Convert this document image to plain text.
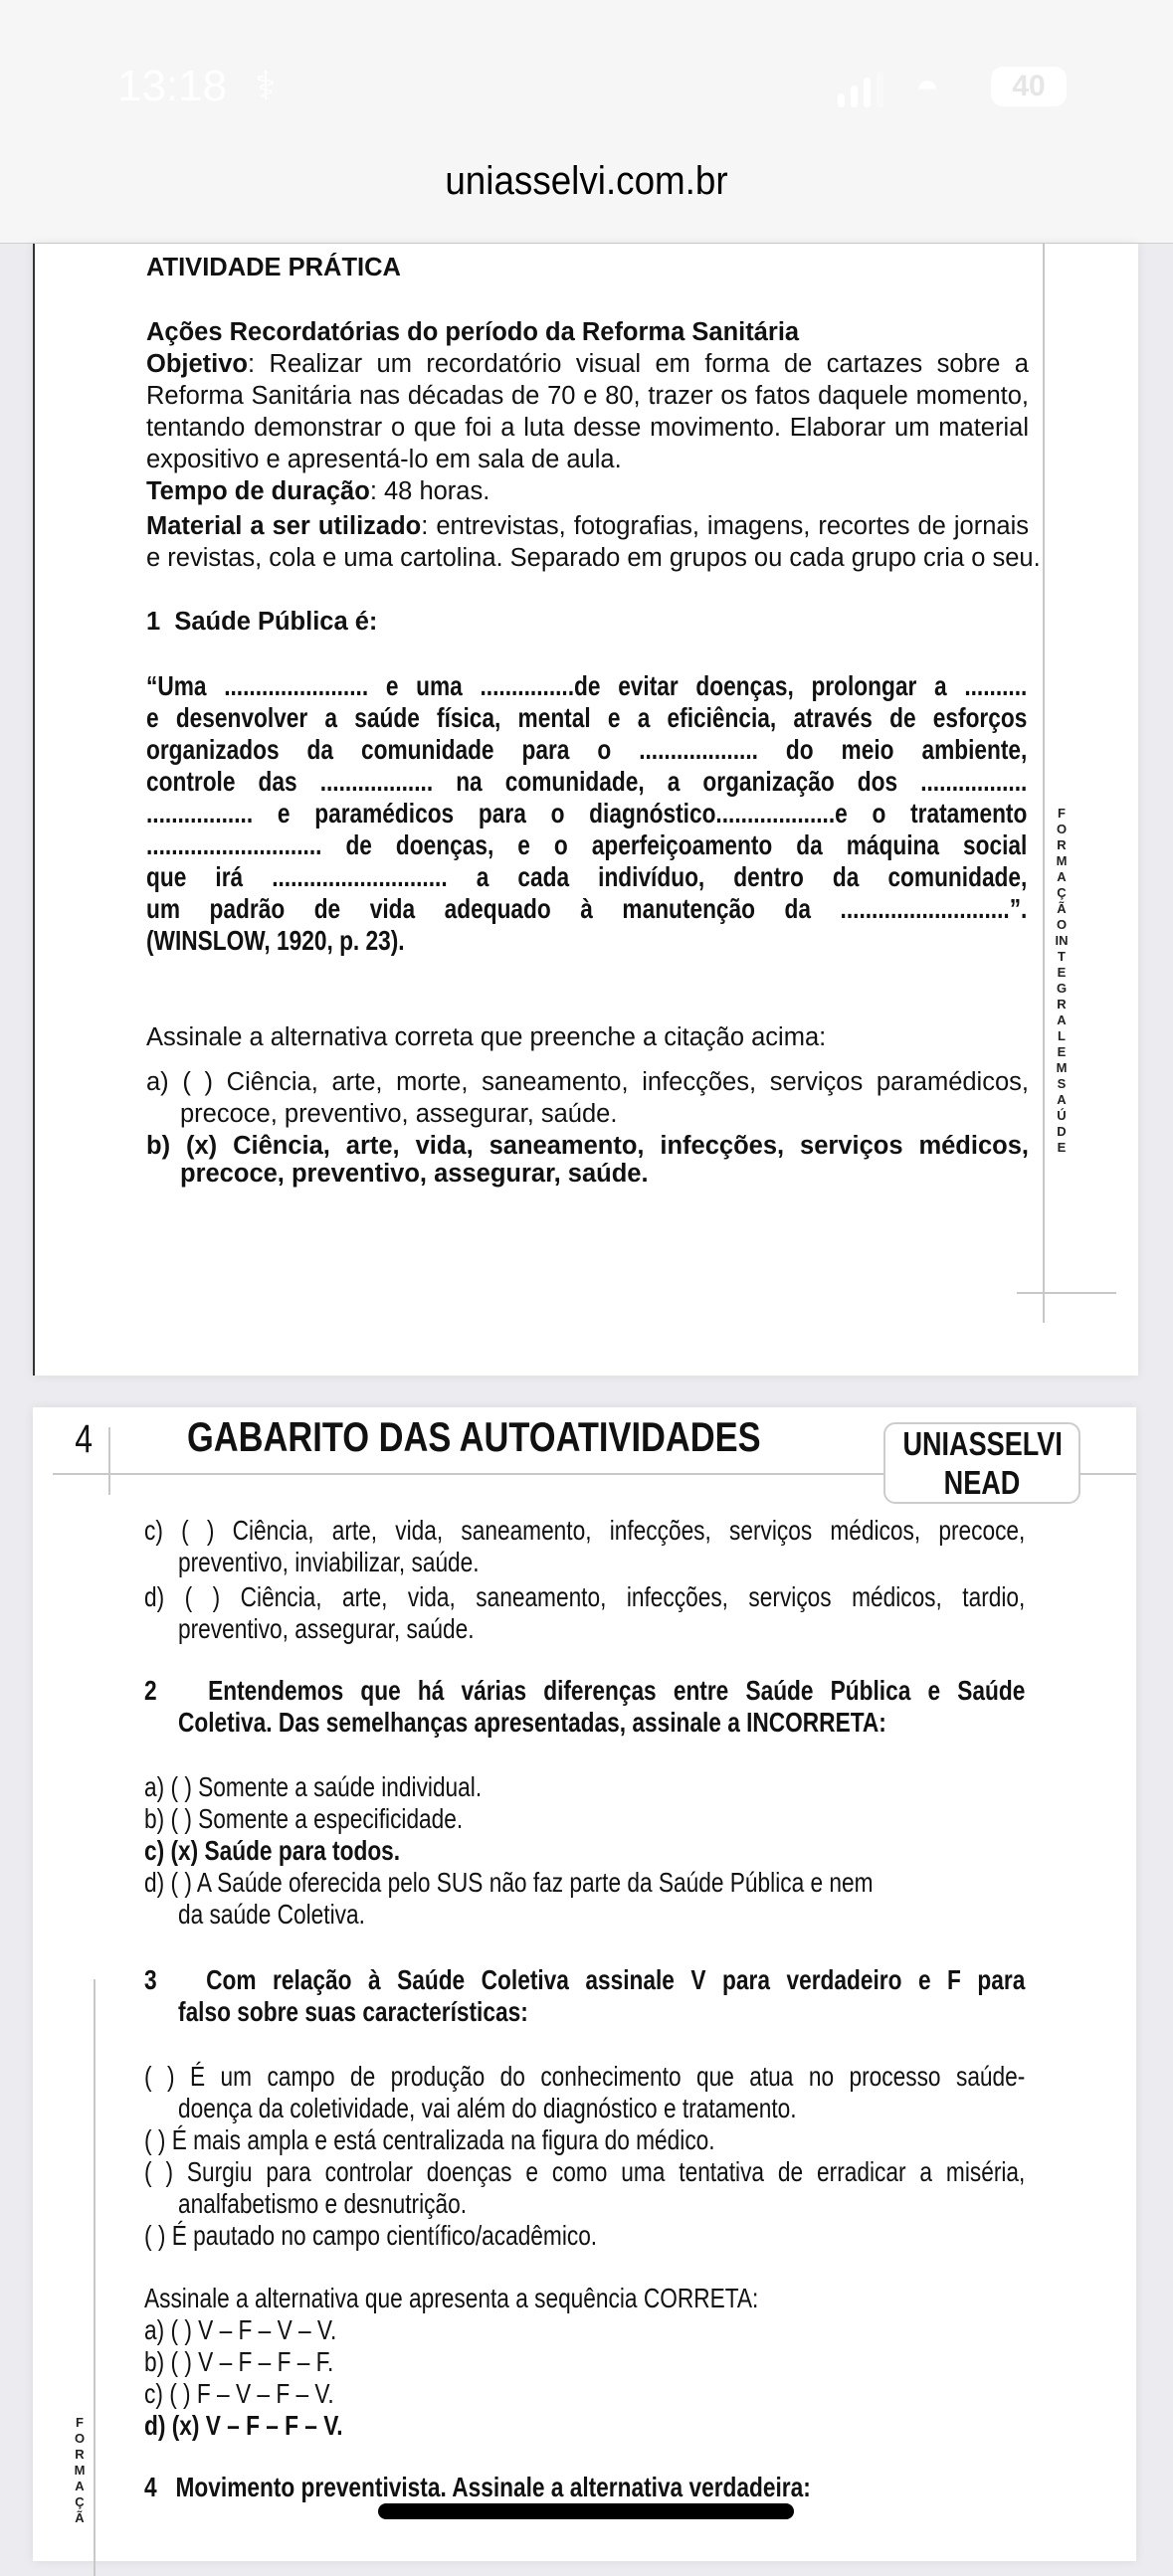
13:18 ⚕	◓	40
uniasselvi.com.br
FORMAÇÃO INTEGRAL EM SAÚDE
ATIVIDADE PRÁTICA
Ações Recordatórias do período da Reforma Sanitária
Objetivo: Realizar um recordatório visual em forma de cartazes sobre a
Reforma Sanitária nas décadas de 70 e 80, trazer os fatos daquele momento,
tentando demonstrar o que foi a luta desse movimento. Elaborar um material
expositivo e apresentá-lo em sala de aula.
Tempo de duração: 48 horas.
Material a ser utilizado: entrevistas, fotografias, imagens, recortes de jornais
e revistas, cola e uma cartolina. Separado em grupos ou cada grupo cria o seu.
1 Saúde Pública é:
“Uma ....................... e uma ...............de evitar doenças, prolongar a ..........
e desenvolver a saúde física, mental e a eficiência, através de esforços
organizados da comunidade para o ................... do meio ambiente,
controle das .................. na comunidade, a organização dos .................
................. e paramédicos para o diagnóstico...................e o tratamento
............................ de doenças, e o aperfeiçoamento da máquina social
que irá ............................ a cada indivíduo, dentro da comunidade,
um padrão de vida adequado à manutenção da ...........................”.
(WINSLOW, 1920, p. 23).
Assinale a alternativa correta que preenche a citação acima:
a) ( ) Ciência, arte, morte, saneamento, infecções, serviços paramédicos,
precoce, preventivo, assegurar, saúde.
b) (x) Ciência, arte, vida, saneamento, infecções, serviços médicos,
precoce, preventivo, assegurar, saúde.
4 GABARITO DAS AUTOATIVIDADES	UNIASSELVI
NEAD
FORMAÇÃ
c) ( ) Ciência, arte, vida, saneamento, infecções, serviços médicos, precoce,
preventivo, inviabilizar, saúde.
d) ( ) Ciência, arte, vida, saneamento, infecções, serviços médicos, tardio,
preventivo, assegurar, saúde.
2 Entendemos que há várias diferenças entre Saúde Pública e Saúde
Coletiva. Das semelhanças apresentadas, assinale a INCORRETA:
a) ( ) Somente a saúde individual.
b) ( ) Somente a especificidade.
c) (x) Saúde para todos.
d) ( ) A Saúde oferecida pelo SUS não faz parte da Saúde Pública e nem
da saúde Coletiva.
3 Com relação à Saúde Coletiva assinale V para verdadeiro e F para
falso sobre suas características:
( ) É um campo de produção do conhecimento que atua no processo saúde-
doença da coletividade, vai além do diagnóstico e tratamento.
( ) É mais ampla e está centralizada na figura do médico.
( ) Surgiu para controlar doenças e como uma tentativa de erradicar a miséria,
analfabetismo e desnutrição.
( ) É pautado no campo científico/acadêmico.
Assinale a alternativa que apresenta a sequência CORRETA:
a) ( ) V – F – V – V.
b) ( ) V – F – F – F.
c) ( ) F – V – F – V.
d) (x) V – F – F – V.
4 Movimento preventivista. Assinale a alternativa verdadeira:
